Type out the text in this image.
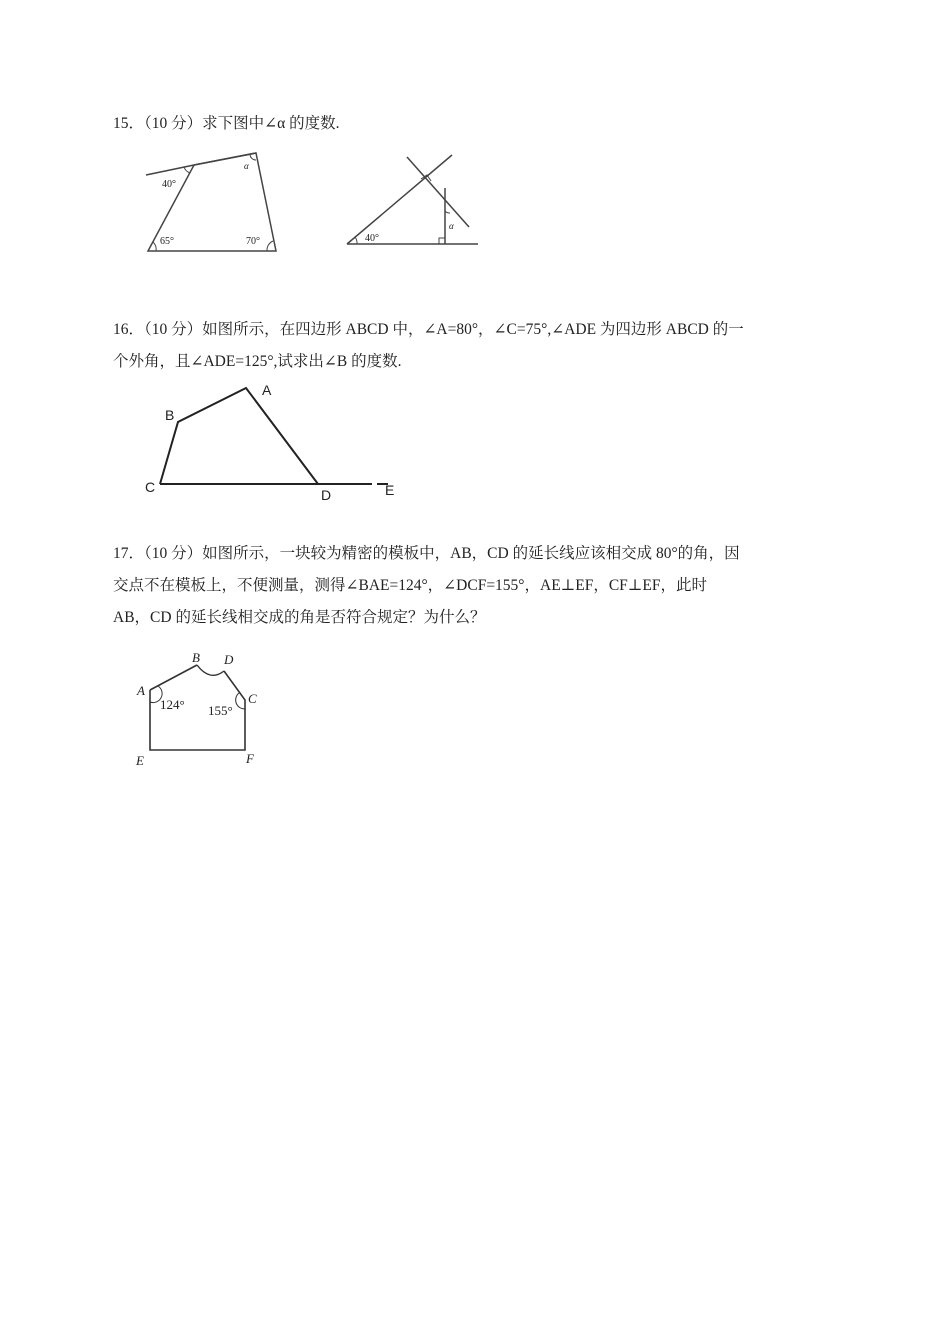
15．（10 分）求下图中∠α 的度数.
40°
α
65°	70°	40°
α
16．（10 分）如图所示，在四边形 ABCD 中，∠A=80°，∠C=75°,∠ADE 为四边形 ABCD 的一
个外角，且∠ADE=125°,试求出∠B 的度数.
A
B
C	D	E
17．（10 分）如图所示，一块较为精密的模板中，AB，CD 的延长线应该相交成 80°的角，因
交点不在模板上，不便测量，测得∠BAE=124°，∠DCF=155°，AE⊥EF，CF⊥EF，此时
AB，CD 的延长线相交成的角是否符合规定？为什么？
A
B D
C
E	F
124° 155°
